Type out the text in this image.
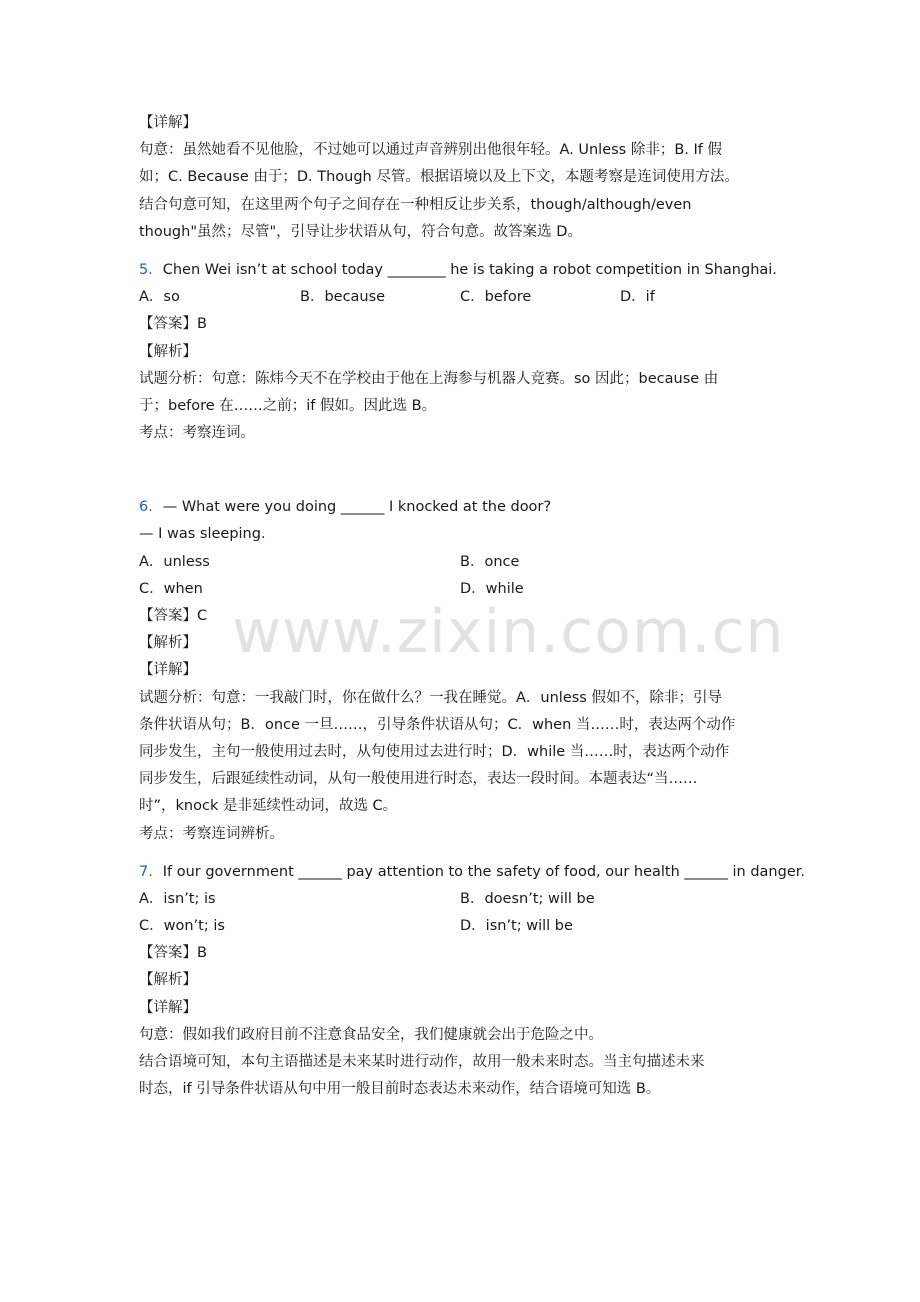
www.zixin.com.cn
【详解】
句意：虽然她看不见他脸，不过她可以通过声音辨别出他很年轻。A. Unless 除非；B. If 假
如；C. Because 由于；D. Though 尽管。根据语境以及上下文，本题考察是连词使用方法。
结合句意可知，在这里两个句子之间存在一种相反让步关系，though/although/even
though"虽然；尽管"，引导让步状语从句，符合句意。故答案选 D。
5．Chen Wei isn’t at school today ________ he is taking a robot competition in Shanghai.
A．so	B．because	C．before	D．if
【答案】B
【解析】
试题分析：句意：陈炜今天不在学校由于他在上海参与机器人竞赛。so 因此；because 由
于；before 在……之前；if 假如。因此选 B。
考点：考察连词。
6．— What were you doing ______ I knocked at the door?
— I was sleeping.
A．unless	B．once
C．when	D．while
【答案】C
【解析】
【详解】
试题分析：句意：一我敲门时，你在做什么？一我在睡觉。A．unless 假如不，除非；引导
条件状语从句；B．once 一旦……，引导条件状语从句；C．when 当……时，表达两个动作
同步发生，主句一般使用过去时，从句使用过去进行时；D．while 当……时，表达两个动作
同步发生，后跟延续性动词，从句一般使用进行时态，表达一段时间。本题表达“当……
时”，knock 是非延续性动词，故选 C。
考点：考察连词辨析。
7．If our government ______ pay attention to the safety of food, our health ______ in danger.
A．isn’t; is	B．doesn’t; will be
C．won’t; is	D．isn’t; will be
【答案】B
【解析】
【详解】
句意：假如我们政府目前不注意食品安全，我们健康就会出于危险之中。
结合语境可知，本句主语描述是未来某时进行动作，故用一般未来时态。当主句描述未来
时态，if 引导条件状语从句中用一般目前时态表达未来动作，结合语境可知选 B。
